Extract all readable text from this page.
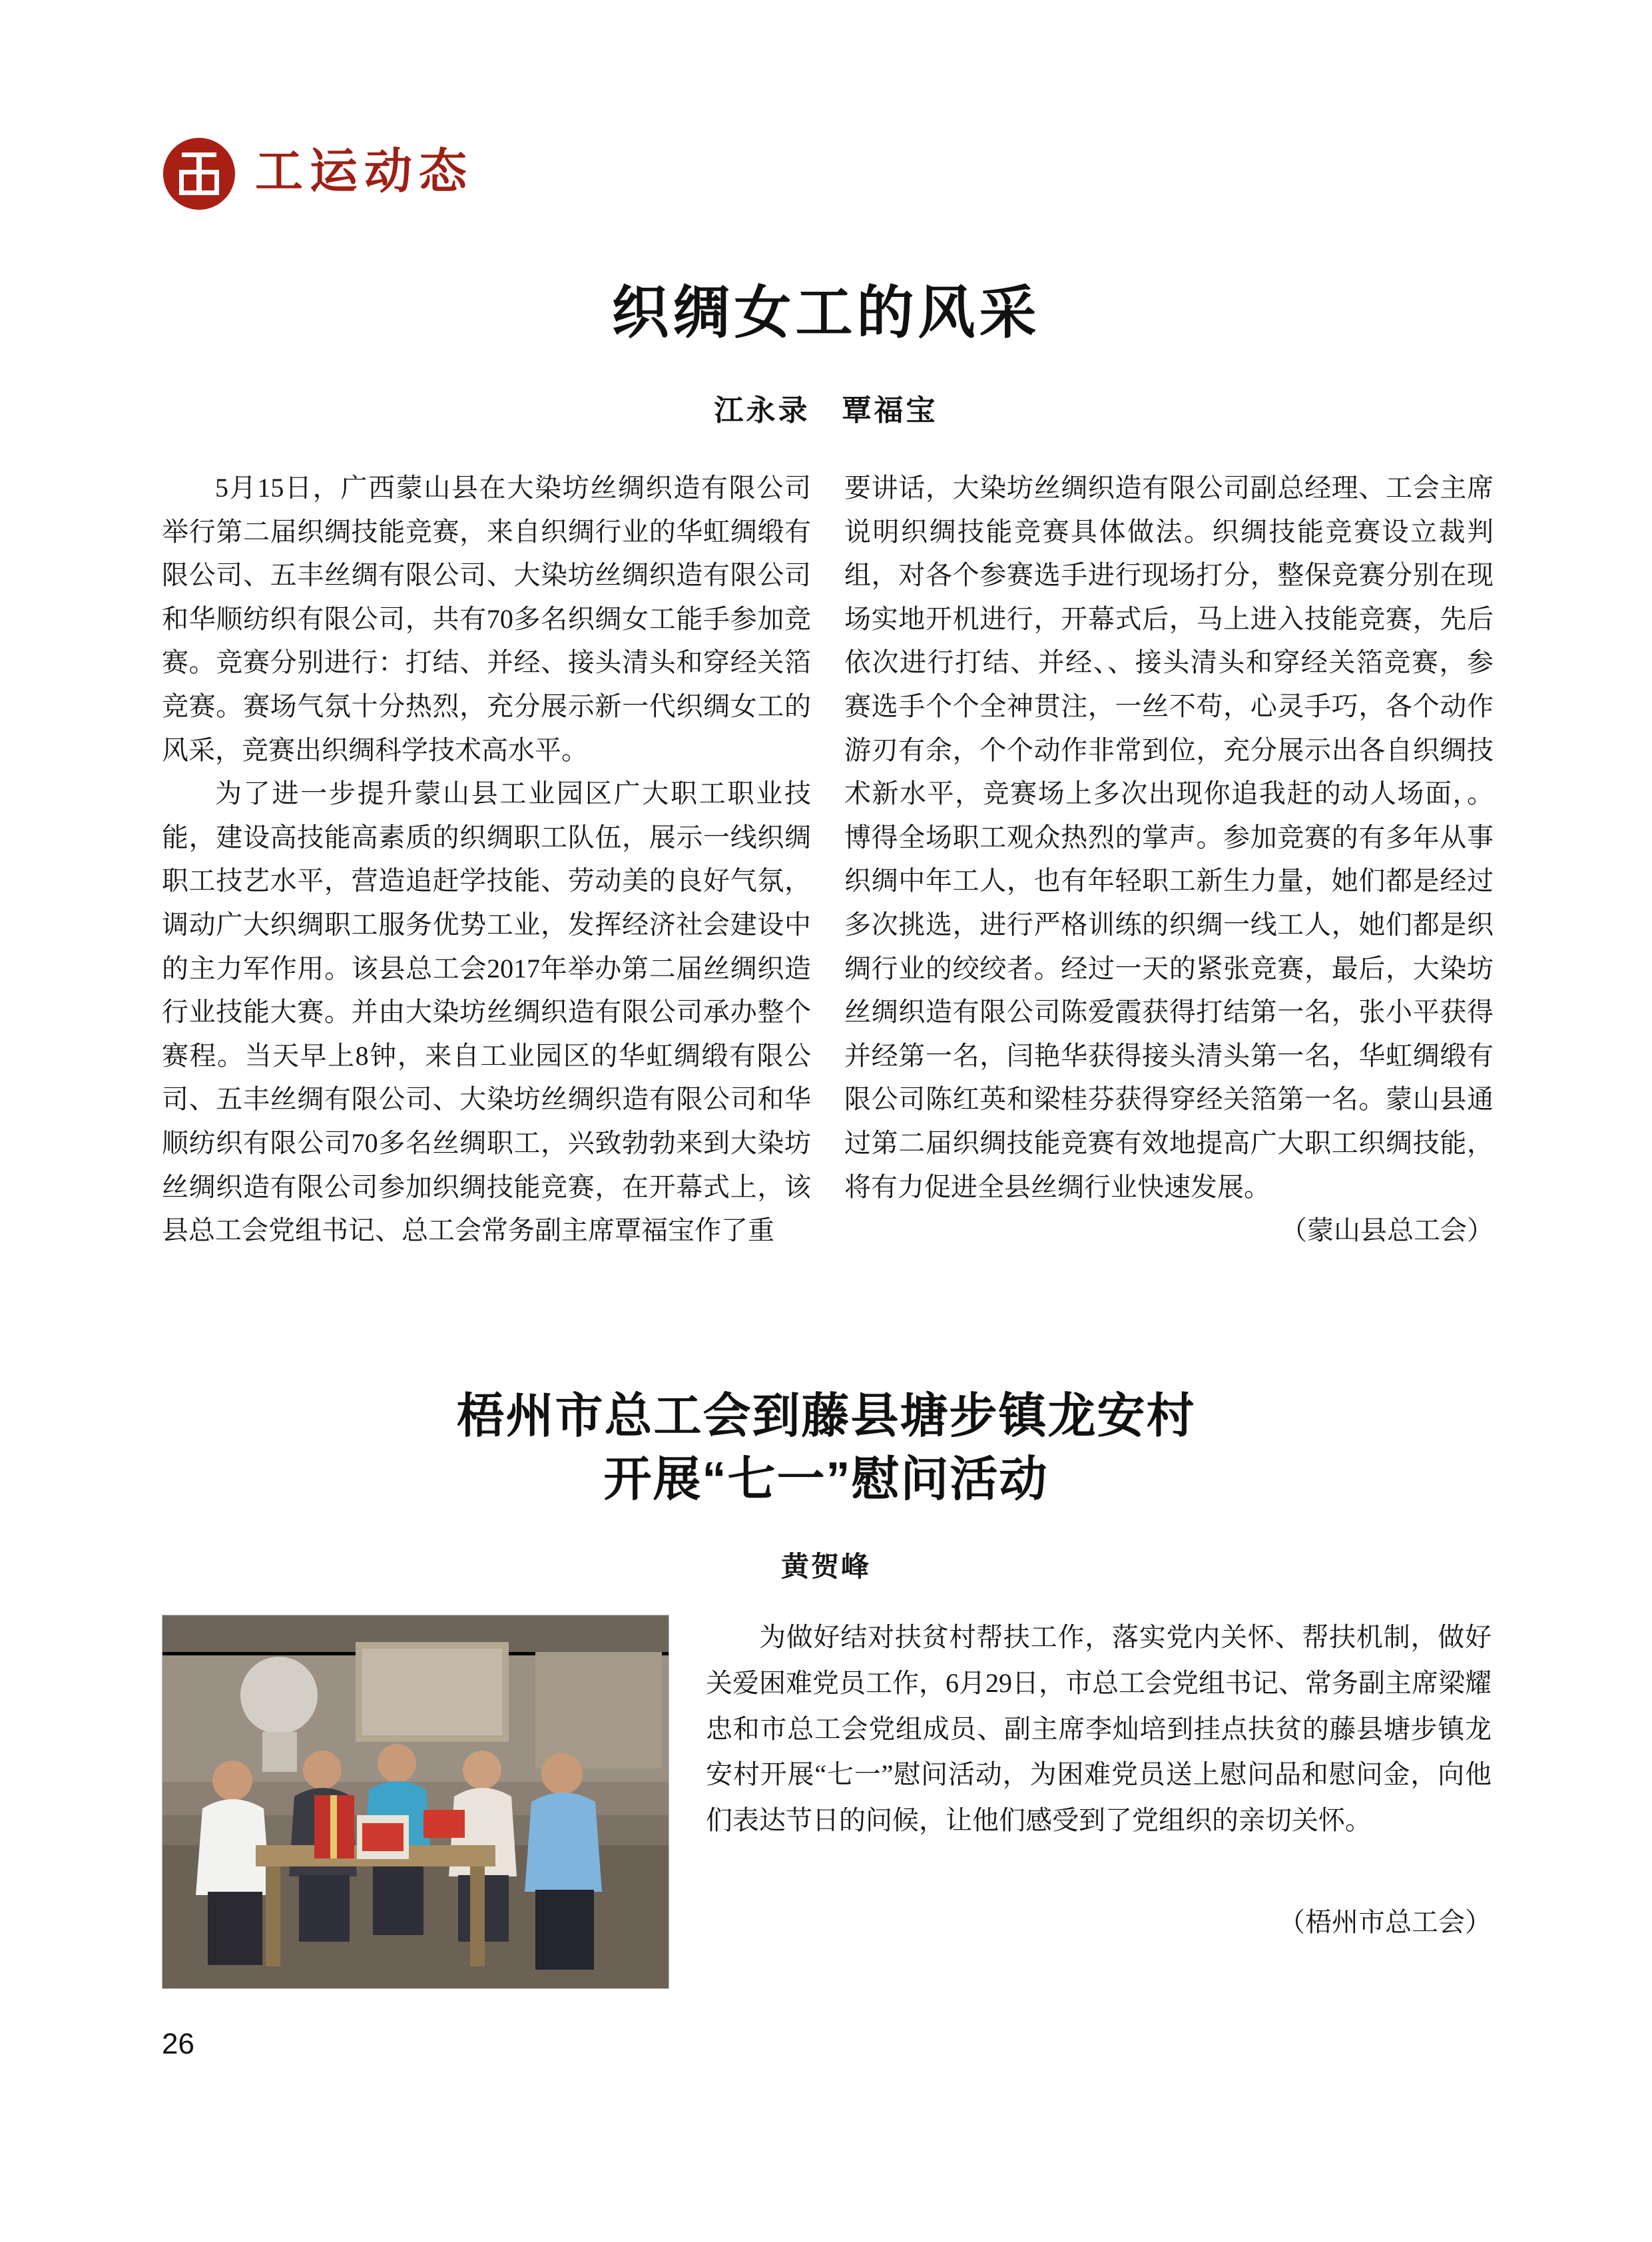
工运动态
织绸女工的风采
江永录　覃福宝

5月15日，广西蒙山县在大染坊丝绸织造有限公司举行第二届织绸技能竞赛，来自织绸行业的华虹绸缎有限公司、五丰丝绸有限公司、大染坊丝绸织造有限公司和华顺纺织有限公司，共有70多名织绸女工能手参加竞赛。竞赛分别进行：打结、并经、接头清头和穿经关箔竞赛。赛场气氛十分热烈，充分展示新一代织绸女工的风采，竞赛出织绸科学技术高水平。

为了进一步提升蒙山县工业园区广大职工职业技能，建设高技能高素质的织绸职工队伍，展示一线织绸职工技艺水平，营造追赶学技能、劳动美的良好气氛，调动广大织绸职工服务优势工业，发挥经济社会建设中的主力军作用。该县总工会2017年举办第二届丝绸织造行业技能大赛。并由大染坊丝绸织造有限公司承办整个赛程。当天早上8钟，来自工业园区的华虹绸缎有限公司、五丰丝绸有限公司、大染坊丝绸织造有限公司和华顺纺织有限公司70多名丝绸职工，兴致勃勃来到大染坊丝绸织造有限公司参加织绸技能竞赛，在开幕式上，该县总工会党组书记、总工会常务副主席覃福宝作了重

要讲话，大染坊丝绸织造有限公司副总经理、工会主席说明织绸技能竞赛具体做法。织绸技能竞赛设立裁判组，对各个参赛选手进行现场打分，整保竞赛分别在现场实地开机进行，开幕式后，马上进入技能竞赛，先后依次进行打结、并经、、接头清头和穿经关箔竞赛，参赛选手个个全神贯注，一丝不苟，心灵手巧，各个动作游刃有余，个个动作非常到位，充分展示出各自织绸技术新水平，竞赛场上多次出现你追我赶的动人场面，。博得全场职工观众热烈的掌声。参加竞赛的有多年从事织绸中年工人，也有年轻职工新生力量，她们都是经过多次挑选，进行严格训练的织绸一线工人，她们都是织绸行业的绞绞者。经过一天的紧张竞赛，最后，大染坊丝绸织造有限公司陈爱霞获得打结第一名，张小平获得并经第一名，闫艳华获得接头清头第一名，华虹绸缎有限公司陈红英和梁桂芬获得穿经关箔第一名。蒙山县通过第二届织绸技能竞赛有效地提高广大职工织绸技能，将有力促进全县丝绸行业快速发展。

（蒙山县总工会）

梧州市总工会到藤县塘步镇龙安村
开展“七一”慰问活动
黄贺峰

为做好结对扶贫村帮扶工作，落实党内关怀、帮扶机制，做好关爱困难党员工作，6月29日，市总工会党组书记、常务副主席梁耀忠和市总工会党组成员、副主席李灿培到挂点扶贫的藤县塘步镇龙安村开展“七一”慰问活动，为困难党员送上慰问品和慰问金，向他们表达节日的问候，让他们感受到了党组织的亲切关怀。

（梧州市总工会）
26
